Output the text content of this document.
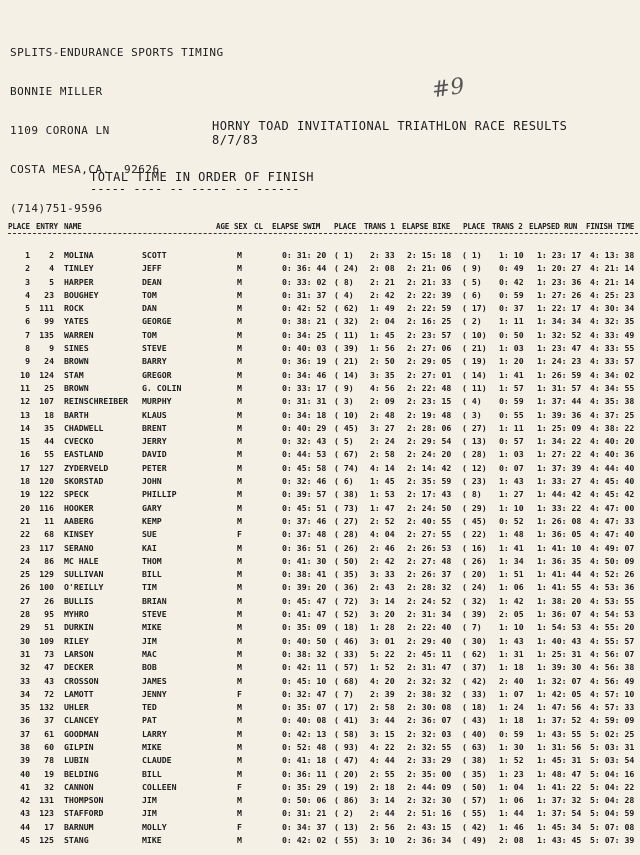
SPLITS-ENDURANCE SPORTS TIMING

BONNIE MILLER

1109 CORONA LN

COSTA MESA,CA.  92626

(714)751-9596

#9
HORNY TOAD INVITATIONAL TRIATHLON RACE RESULTS
8/7/83
TOTAL TIME IN ORDER OF FINISH
----- ---- -- ----- -- ------
PLACE ENTRY NAME	AGE SEX CL ELAPSE SWIM PLACE TRANS 1 ELAPSE BIKE PLACE TRANS 2 ELAPSED RUN FINISH TIME
1	2 MOLINA	SCOTT	M	0: 31: 20 ( 1)	2: 33	2: 15: 18	( 1)	1: 10	1: 23: 17	4: 13: 38
2	4 TINLEY	JEFF	M	0: 36: 44 ( 24)	2: 08	2: 21: 06	( 9)	0: 49	1: 20: 27	4: 21: 14
3	5 HARPER	DEAN	M	0: 33: 02 ( 8)	2: 21	2: 21: 33	( 5)	0: 42	1: 23: 36	4: 21: 14
4	23 BOUGHEY	TOM	M	0: 31: 37 ( 4)	2: 42	2: 22: 39	( 6)	0: 59	1: 27: 26	4: 25: 23
5	111 ROCK	DAN	M	0: 42: 52 ( 62)	1: 49	2: 22: 59	( 17)	0: 37	1: 22: 17	4: 30: 34
6	99 YATES	GEORGE	M	0: 38: 21 ( 32)	2: 04	2: 16: 25	( 2)	1: 11	1: 34: 34	4: 32: 35
7	135 WARREN	TOM	M	0: 34: 25 ( 11)	1: 45	2: 23: 57	( 10)	0: 50	1: 32: 52	4: 33: 49
8	9 SINES	STEVE	M	0: 40: 03 ( 39)	1: 56	2: 27: 06	( 21)	1: 03	1: 23: 47	4: 33: 55
9	24 BROWN	BARRY	M	0: 36: 19 ( 21)	2: 50	2: 29: 05	( 19)	1: 20	1: 24: 23	4: 33: 57
10	124 STAM	GREGOR	M	0: 34: 46 ( 14)	3: 35	2: 27: 01	( 14)	1: 41	1: 26: 59	4: 34: 02
11	25 BROWN	G. COLIN	M	0: 33: 17 ( 9)	4: 56	2: 22: 48	( 11)	1: 57	1: 31: 57	4: 34: 55
12	107 REINSCHREIBER	MURPHY	M	0: 31: 31 ( 3)	2: 09	2: 23: 15	( 4)	0: 59	1: 37: 44	4: 35: 38
13	18 BARTH	KLAUS	M	0: 34: 18 ( 10)	2: 48	2: 19: 48	( 3)	0: 55	1: 39: 36	4: 37: 25
14	35 CHADWELL	BRENT	M	0: 40: 29 ( 45)	3: 27	2: 28: 06	( 27)	1: 11	1: 25: 09	4: 38: 22
15	44 CVECKO	JERRY	M	0: 32: 43 ( 5)	2: 24	2: 29: 54	( 13)	0: 57	1: 34: 22	4: 40: 20
16	55 EASTLAND	DAVID	M	0: 44: 53 ( 67)	2: 58	2: 24: 20	( 28)	1: 03	1: 27: 22	4: 40: 36
17	127 ZYDERVELD	PETER	M	0: 45: 58 ( 74)	4: 14	2: 14: 42	( 12)	0: 07	1: 37: 39	4: 44: 40
18	120 SKORSTAD	JOHN	M	0: 32: 46 ( 6)	1: 45	2: 35: 59	( 23)	1: 43	1: 33: 27	4: 45: 40
19	122 SPECK	PHILLIP	M	0: 39: 57 ( 38)	1: 53	2: 17: 43	( 8)	1: 27	1: 44: 42	4: 45: 42
20	116 HOOKER	GARY	M	0: 45: 51 ( 73)	1: 47	2: 24: 50	( 29)	1: 10	1: 33: 22	4: 47: 00
21	11 AABERG	KEMP	M	0: 37: 46 ( 27)	2: 52	2: 40: 55	( 45)	0: 52	1: 26: 08	4: 47: 33
22	68 KINSEY	SUE	F	0: 37: 48 ( 28)	4: 04	2: 27: 55	( 22)	1: 48	1: 36: 05	4: 47: 40
23	117 SERANO	KAI	M	0: 36: 51 ( 26)	2: 46	2: 26: 53	( 16)	1: 41	1: 41: 10	4: 49: 07
24	86 MC HALE	THOM	M	0: 41: 30 ( 50)	2: 42	2: 27: 48	( 26)	1: 34	1: 36: 35	4: 50: 09
25	129 SULLIVAN	BILL	M	0: 38: 41 ( 35)	3: 33	2: 26: 37	( 20)	1: 51	1: 41: 44	4: 52: 26
26	100 O'REILLY	TIM	M	0: 39: 20 ( 36)	2: 43	2: 28: 32	( 24)	1: 06	1: 41: 55	4: 53: 36
27	26 BULLIS	BRIAN	M	0: 45: 47 ( 72)	3: 14	2: 24: 52	( 32)	1: 42	1: 38: 20	4: 53: 55
28	95 MYHRO	STEVE	M	0: 41: 47 ( 52)	3: 20	2: 31: 34	( 39)	2: 05	1: 36: 07	4: 54: 53
29	51 DURKIN	MIKE	M	0: 35: 09 ( 18)	1: 28	2: 22: 40	( 7)	1: 10	1: 54: 53	4: 55: 20
30	109 RILEY	JIM	M	0: 40: 50 ( 46)	3: 01	2: 29: 40	( 30)	1: 43	1: 40: 43	4: 55: 57
31	73 LARSON	MAC	M	0: 38: 32 ( 33)	5: 22	2: 45: 11	( 62)	1: 31	1: 25: 31	4: 56: 07
32	47 DECKER	BOB	M	0: 42: 11 ( 57)	1: 52	2: 31: 47	( 37)	1: 18	1: 39: 30	4: 56: 38
33	43 CROSSON	JAMES	M	0: 45: 10 ( 68)	4: 20	2: 32: 32	( 42)	2: 40	1: 32: 07	4: 56: 49
34	72 LAMOTT	JENNY	F	0: 32: 47 ( 7)	2: 39	2: 38: 32	( 33)	1: 07	1: 42: 05	4: 57: 10
35	132 UHLER	TED	M	0: 35: 07 ( 17)	2: 58	2: 30: 08	( 18)	1: 24	1: 47: 56	4: 57: 33
36	37 CLANCEY	PAT	M	0: 40: 08 ( 41)	3: 44	2: 36: 07	( 43)	1: 18	1: 37: 52	4: 59: 09
37	61 GOODMAN	LARRY	M	0: 42: 13 ( 58)	3: 15	2: 32: 03	( 40)	0: 59	1: 43: 55	5: 02: 25
38	60 GILPIN	MIKE	M	0: 52: 48 ( 93)	4: 22	2: 32: 55	( 63)	1: 30	1: 31: 56	5: 03: 31
39	78 LUBIN	CLAUDE	M	0: 41: 18 ( 47)	4: 44	2: 33: 29	( 38)	1: 52	1: 45: 31	5: 03: 54
40	19 BELDING	BILL	M	0: 36: 11 ( 20)	2: 55	2: 35: 00	( 35)	1: 23	1: 48: 47	5: 04: 16
41	32 CANNON	COLLEEN	F	0: 35: 29 ( 19)	2: 18	2: 44: 09	( 50)	1: 04	1: 41: 22	5: 04: 22
42	131 THOMPSON	JIM	M	0: 50: 06 ( 86)	3: 14	2: 32: 30	( 57)	1: 06	1: 37: 32	5: 04: 28
43	123 STAFFORD	JIM	M	0: 31: 21 ( 2)	2: 44	2: 51: 16	( 55)	1: 44	1: 37: 54	5: 04: 59
44	17 BARNUM	MOLLY	F	0: 34: 37 ( 13)	2: 56	2: 43: 15	( 42)	1: 46	1: 45: 34	5: 07: 08
45	125 STANG	MIKE	M	0: 42: 02 ( 55)	3: 10	2: 36: 34	( 49)	2: 08	1: 43: 45	5: 07: 39
